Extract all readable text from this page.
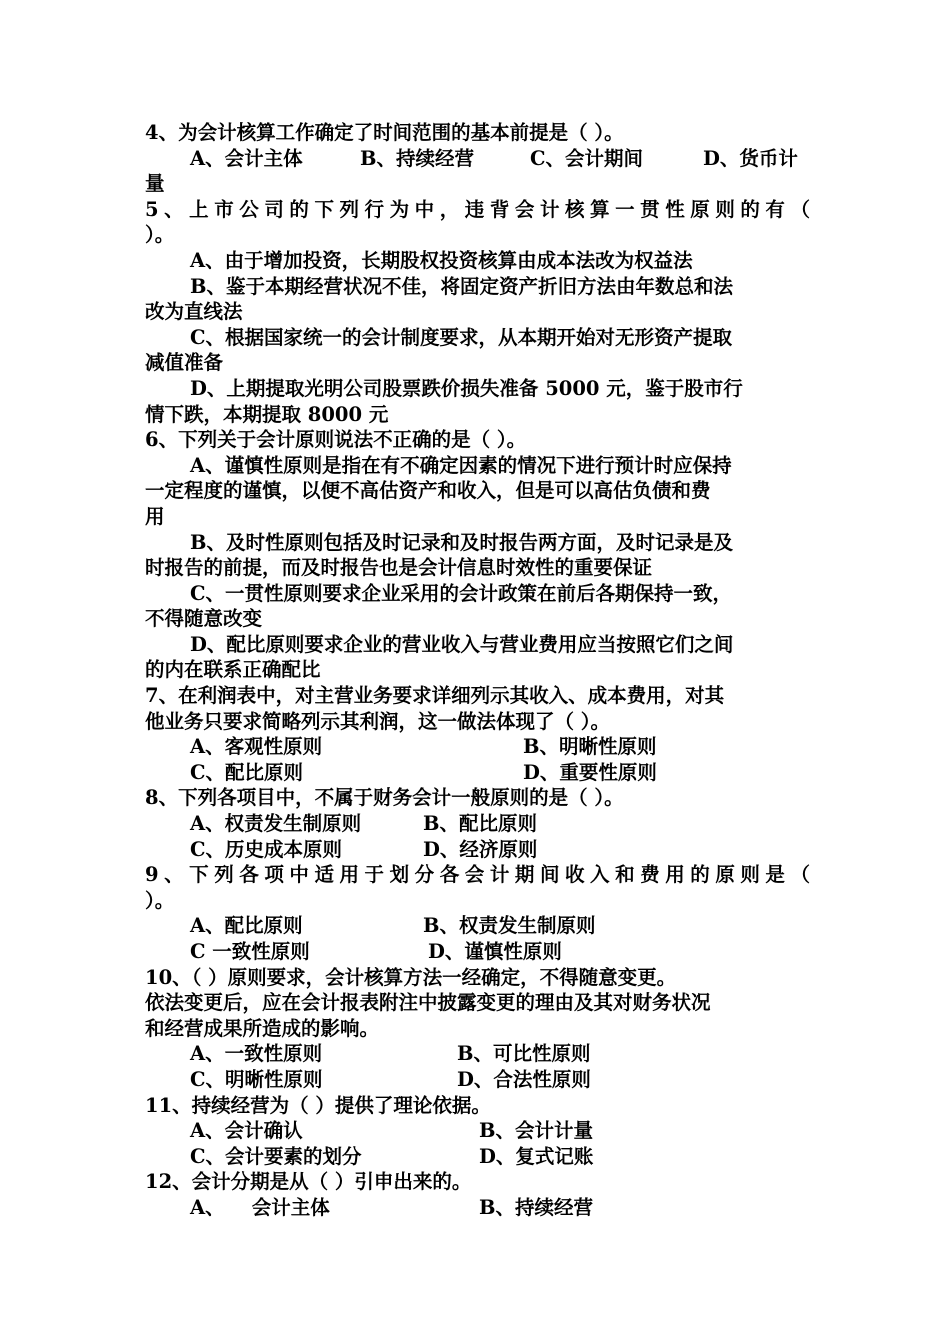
4、为会计核算工作确定了时间范围的基本前提是（ ）。
A、会计主体	B、持续经营	C、会计期间	D、货币计
量
5、上市公司的下列行为中，违背会计核算一贯性原则的有（
）。
A、由于增加投资，长期股权投资核算由成本法改为权益法
B、鉴于本期经营状况不佳，将固定资产折旧方法由年数总和法
改为直线法
C、根据国家统一的会计制度要求，从本期开始对无形资产提取
减值准备
D、上期提取光明公司股票跌价损失准备 5000 元，鉴于股市行
情下跌，本期提取 8000 元
6、下列关于会计原则说法不正确的是（ ）。
A、谨慎性原则是指在有不确定因素的情况下进行预计时应保持
一定程度的谨慎，以便不高估资产和收入，但是可以高估负债和费
用
B、及时性原则包括及时记录和及时报告两方面，及时记录是及
时报告的前提，而及时报告也是会计信息时效性的重要保证
C、一贯性原则要求企业采用的会计政策在前后各期保持一致，
不得随意改变
D、配比原则要求企业的营业收入与营业费用应当按照它们之间
的内在联系正确配比
7、在利润表中，对主营业务要求详细列示其收入、成本费用，对其
他业务只要求简略列示其利润，这一做法体现了（ ）。
A、客观性原则	B、明晰性原则
C、配比原则	D、重要性原则
8、下列各项目中，不属于财务会计一般原则的是（ ）。
A、权责发生制原则	B、配比原则
C、历史成本原则	D、经济原则
9、下列各项中适用于划分各会计期间收入和费用的原则是（
）。
A、配比原则	B、权责发生制原则
C 一致性原则	D、谨慎性原则
10、（ ）原则要求，会计核算方法一经确定，不得随意变更。
依法变更后，应在会计报表附注中披露变更的理由及其对财务状况
和经营成果所造成的影响。
A、一致性原则	B、可比性原则
C、明晰性原则	D、合法性原则
11、持续经营为（ ）提供了理论依据。
A、会计确认	B、会计计量
C、会计要素的划分	D、复式记账
12、会计分期是从（ ）引申出来的。
A、    会计主体	B、持续经营
